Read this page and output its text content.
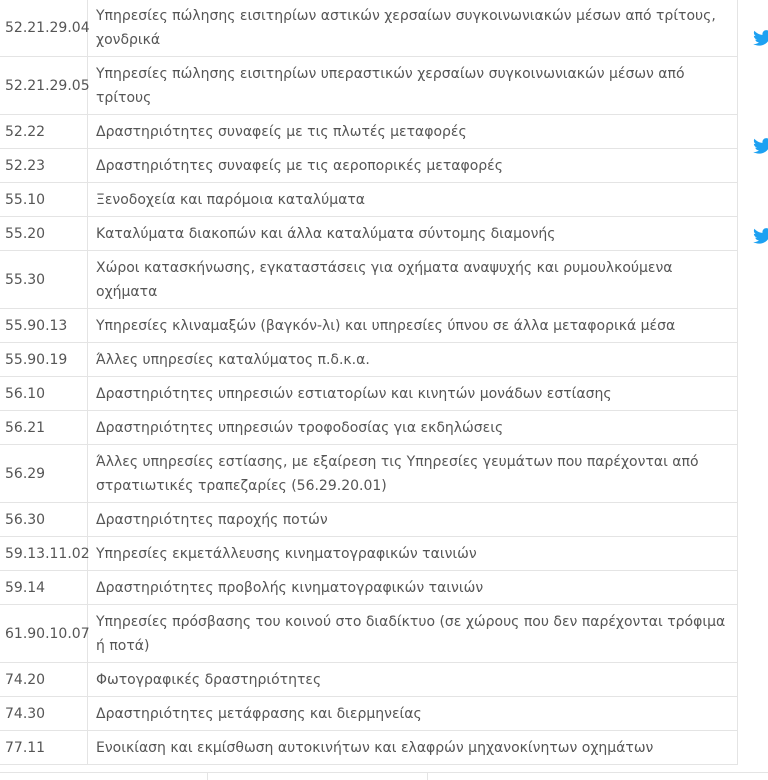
52.21.29.04	Υπηρεσίες πώλησης εισιτηρίων αστικών χερσαίων συγκοινωνιακών μέσων από τρίτους, χονδρικά
52.21.29.05	Υπηρεσίες πώλησης εισιτηρίων υπεραστικών χερσαίων συγκοινωνιακών μέσων από τρίτους
52.22	Δραστηριότητες συναφείς με τις πλωτές μεταφορές
52.23	Δραστηριότητες συναφείς με τις αεροπορικές μεταφορές
55.10	Ξενοδοχεία και παρόμοια καταλύματα
55.20	Καταλύματα διακοπών και άλλα καταλύματα σύντομης διαμονής
55.30	Χώροι κατασκήνωσης, εγκαταστάσεις για οχήματα αναψυχής και ρυμουλκούμενα οχήματα
55.90.13	Υπηρεσίες κλιναμαξών (βαγκόν-λι) και υπηρεσίες ύπνου σε άλλα μεταφορικά μέσα
55.90.19	Άλλες υπηρεσίες καταλύματος π.δ.κ.α.
56.10	Δραστηριότητες υπηρεσιών εστιατορίων και κινητών μονάδων εστίασης
56.21	Δραστηριότητες υπηρεσιών τροφοδοσίας για εκδηλώσεις
56.29	Άλλες υπηρεσίες εστίασης, με εξαίρεση τις Υπηρεσίες γευμάτων που παρέχονται από στρατιωτικές τραπεζαρίες (56.29.20.01)
56.30	Δραστηριότητες παροχής ποτών
59.13.11.02	Υπηρεσίες εκμετάλλευσης κινηματογραφικών ταινιών
59.14	Δραστηριότητες προβολής κινηματογραφικών ταινιών
61.90.10.07	Υπηρεσίες πρόσβασης του κοινού στο διαδίκτυο (σε χώρους που δεν παρέχονται τρόφιμα ή ποτά)
74.20	Φωτογραφικές δραστηριότητες
74.30	Δραστηριότητες μετάφρασης και διερμηνείας
77.11	Ενοικίαση και εκμίσθωση αυτοκινήτων και ελαφρών μηχανοκίνητων οχημάτων
